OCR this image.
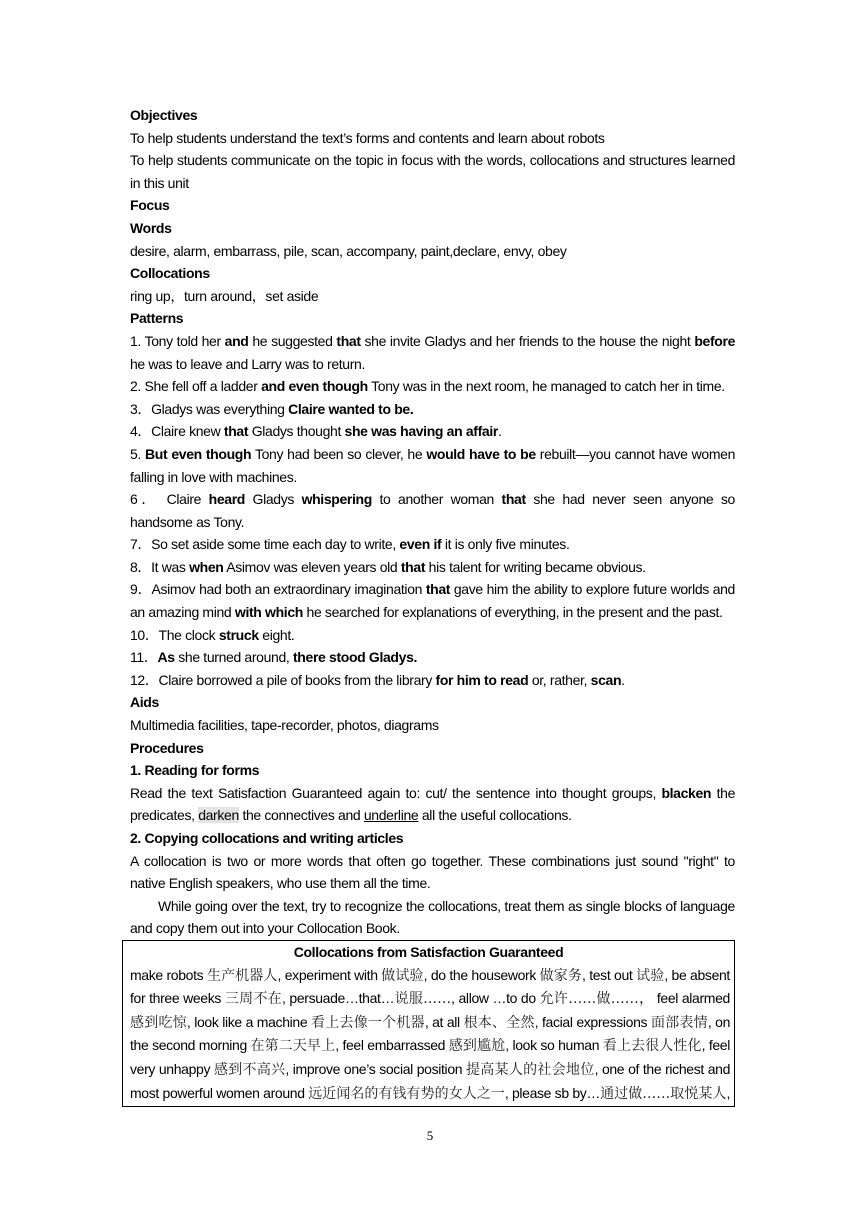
Objectives

To help students understand the text’s forms and contents and learn about robots

To help students communicate on the topic in focus with the words, collocations and structures learned in this unit

Focus

Words

desire, alarm, embarrass, pile, scan, accompany, paint,declare, envy, obey

Collocations

ring up，turn around，set aside

Patterns

1. Tony told her and he suggested that she invite Gladys and her friends to the house the night before he was to leave and Larry was to return.

2. She fell off a ladder and even though Tony was in the next room, he managed to catch her in time.

3．Gladys was everything Claire wanted to be.

4．Claire knew that Gladys thought she was having an affair.

5. But even though Tony had been so clever, he would have to be rebuilt—you cannot have women falling in love with machines.

6． Claire heard Gladys whispering to another woman that she had never seen anyone so handsome as Tony.

7．So set aside some time each day to write, even if it is only five minutes.

8．It was when Asimov was eleven years old that his talent for writing became obvious.

9．Asimov had both an extraordinary imagination that gave him the ability to explore future worlds and an amazing mind with which he searched for explanations of everything, in the present and the past.

10．The clock struck eight.

11．As she turned around, there stood Gladys.

12．Claire borrowed a pile of books from the library for him to read or, rather, scan.

Aids

Multimedia facilities, tape-recorder, photos, diagrams

Procedures

1. Reading for forms

Read the text Satisfaction Guaranteed again to: cut/ the sentence into thought groups, blacken the predicates, darken the connectives and underline all the useful collocations.

2. Copying collocations and writing articles

A collocation is two or more words that often go together. These combinations just sound "right" to native English speakers, who use them all the time.

While going over the text, try to recognize the collocations, treat them as single blocks of language and copy them out into your Collocation Book.

Collocations from Satisfaction Guaranteed
make robots 生产机器人, experiment with 做试验, do the housework 做家务, test out 试验, be absent for three weeks 三周不在, persuade…that…说服……, allow …to do 允许……做……， feel alarmed 感到吃惊, look like a machine 看上去像一个机器, at all 根本、全然, facial expressions 面部表情, on the second morning 在第二天早上, feel embarrassed 感到尴尬, look so human 看上去很人性化, feel very unhappy 感到不高兴, improve one’s social position 提高某人的社会地位, one of the richest and most powerful women around 远近闻名的有钱有势的女人之一, please sb by…通过做……取悦某人,
5
